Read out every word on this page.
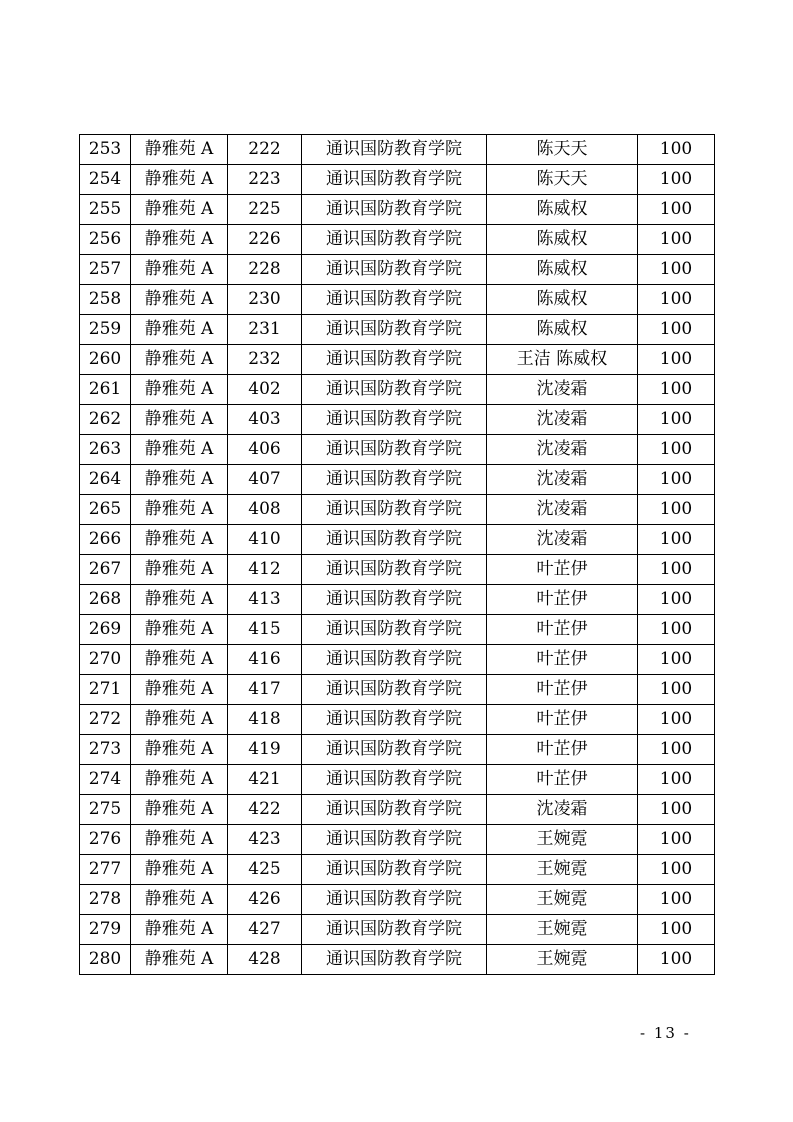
253	静雅苑 A	222	通识国防教育学院	陈天天	100
254	静雅苑 A	223	通识国防教育学院	陈天天	100
255	静雅苑 A	225	通识国防教育学院	陈威权	100
256	静雅苑 A	226	通识国防教育学院	陈威权	100
257	静雅苑 A	228	通识国防教育学院	陈威权	100
258	静雅苑 A	230	通识国防教育学院	陈威权	100
259	静雅苑 A	231	通识国防教育学院	陈威权	100
260	静雅苑 A	232	通识国防教育学院	王洁 陈威权	100
261	静雅苑 A	402	通识国防教育学院	沈凌霜	100
262	静雅苑 A	403	通识国防教育学院	沈凌霜	100
263	静雅苑 A	406	通识国防教育学院	沈凌霜	100
264	静雅苑 A	407	通识国防教育学院	沈凌霜	100
265	静雅苑 A	408	通识国防教育学院	沈凌霜	100
266	静雅苑 A	410	通识国防教育学院	沈凌霜	100
267	静雅苑 A	412	通识国防教育学院	叶芷伊	100
268	静雅苑 A	413	通识国防教育学院	叶芷伊	100
269	静雅苑 A	415	通识国防教育学院	叶芷伊	100
270	静雅苑 A	416	通识国防教育学院	叶芷伊	100
271	静雅苑 A	417	通识国防教育学院	叶芷伊	100
272	静雅苑 A	418	通识国防教育学院	叶芷伊	100
273	静雅苑 A	419	通识国防教育学院	叶芷伊	100
274	静雅苑 A	421	通识国防教育学院	叶芷伊	100
275	静雅苑 A	422	通识国防教育学院	沈凌霜	100
276	静雅苑 A	423	通识国防教育学院	王婉霓	100
277	静雅苑 A	425	通识国防教育学院	王婉霓	100
278	静雅苑 A	426	通识国防教育学院	王婉霓	100
279	静雅苑 A	427	通识国防教育学院	王婉霓	100
280	静雅苑 A	428	通识国防教育学院	王婉霓	100
- 13 -
